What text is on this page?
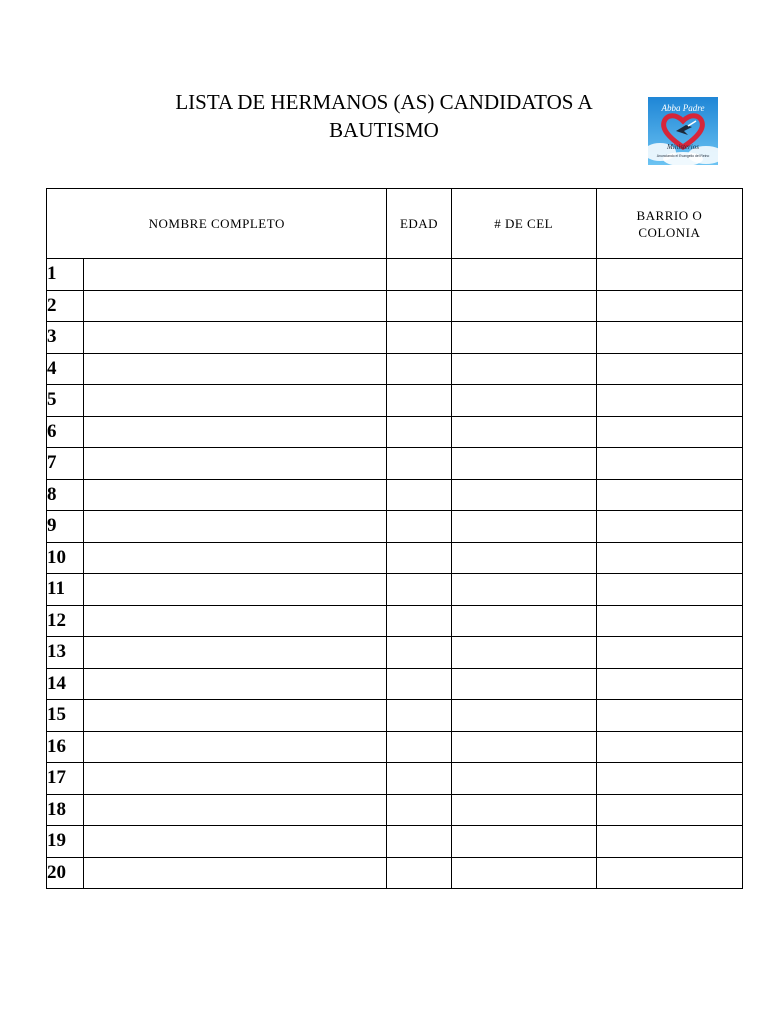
LISTA DE HERMANOS (AS) CANDIDATOS A
BAUTISMO
Abba Padre
Ministerios
Anunciando el Evangelio del Reino
NOMBRE COMPLETO		EDAD	# DE CEL	BARRIO O COLONIA
1				
2				
3				
4				
5				
6				
7				
8				
9				
10				
11				
12				
13				
14				
15				
16				
17				
18				
19				
20				
